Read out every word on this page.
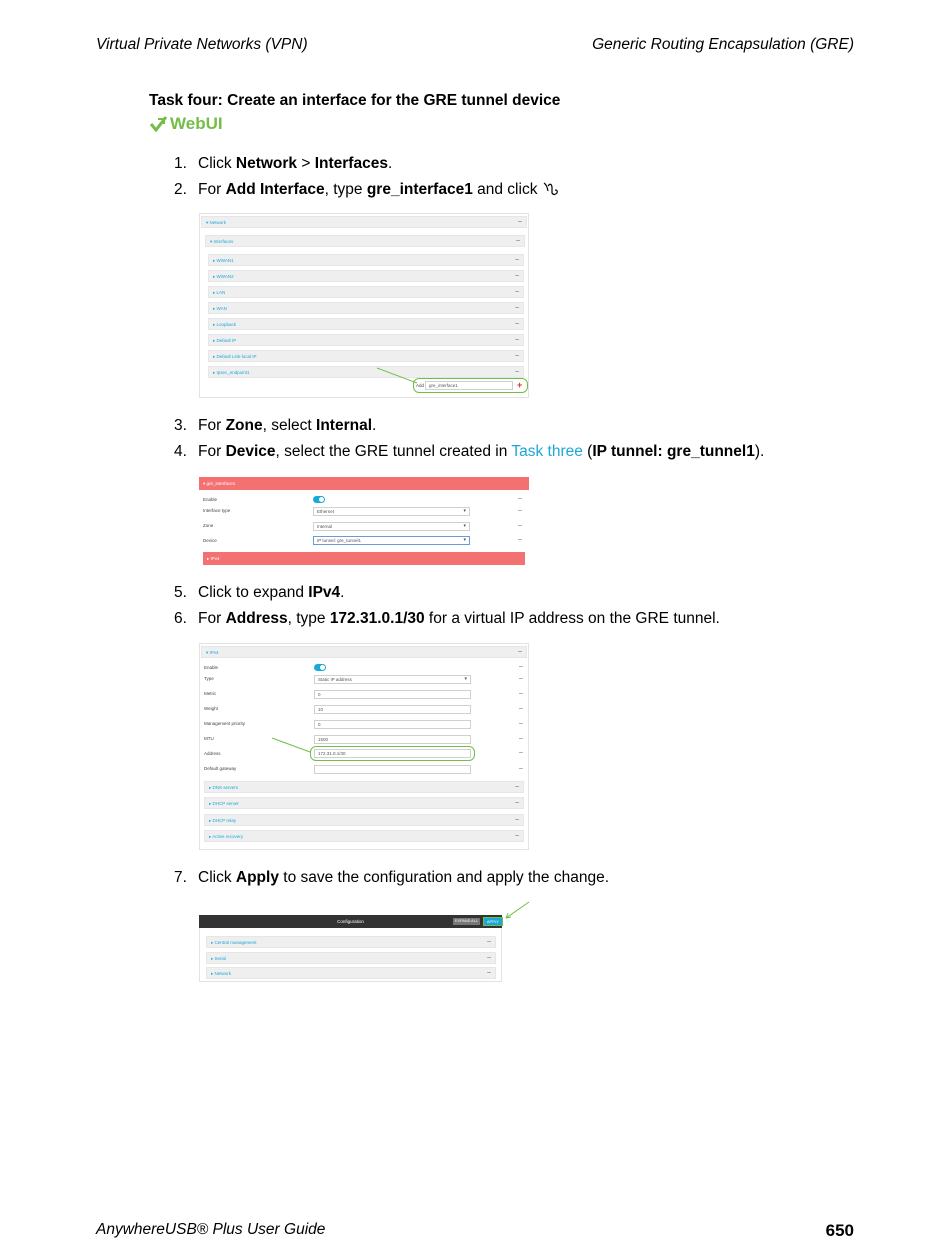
Virtual Private Networks (VPN)	Generic Routing Encapsulation (GRE)
Task four: Create an interface for the GRE tunnel device
WebUI
1. Click Network > Interfaces.
2. For Add Interface, type gre_interface1 and click
▾ Network	–
▾ Interfaces	–
▸ WWAN1	–
▸ WWAN2	–
▸ LAN	–
▸ WAN	–
▸ Loopback	–
▸ Default IP	–
▸ Default Link-local IP	–
▸ Ipsec_endpoint1	–
Add	gre_interface1	+
3. For Zone, select Internal.
4. For Device, select the GRE tunnel created in Task three (IP tunnel: gre_tunnel1).
▾ gre_interface1
Enable	–
Interface type	Ethernet	▾	–
Zone	Internal	▾	–
Device	IP tunnel: gre_tunnel1	▾	–
▸ IPv4
5. Click to expand IPv4.
6. For Address, type 172.31.0.1/30 for a virtual IP address on the GRE tunnel.
▾ IPv4	–
Enable	–
Type	Static IP address	▾	–
Metric	0	–
Weight	10	–
Management priority	0	–
MTU	1500	–
Address	172.31.0.1/30	–
Default gateway	–
▸ DNS servers	–
▸ DHCP server	–
▸ DHCP relay	–
▸ Active recovery	–
7. Click Apply to save the configuration and apply the change.
Configuration	EXPAND ALL	APPLY
▸ Central management	–
▸ Serial	–
▸ Network	–
AnywhereUSB® Plus User Guide	650
